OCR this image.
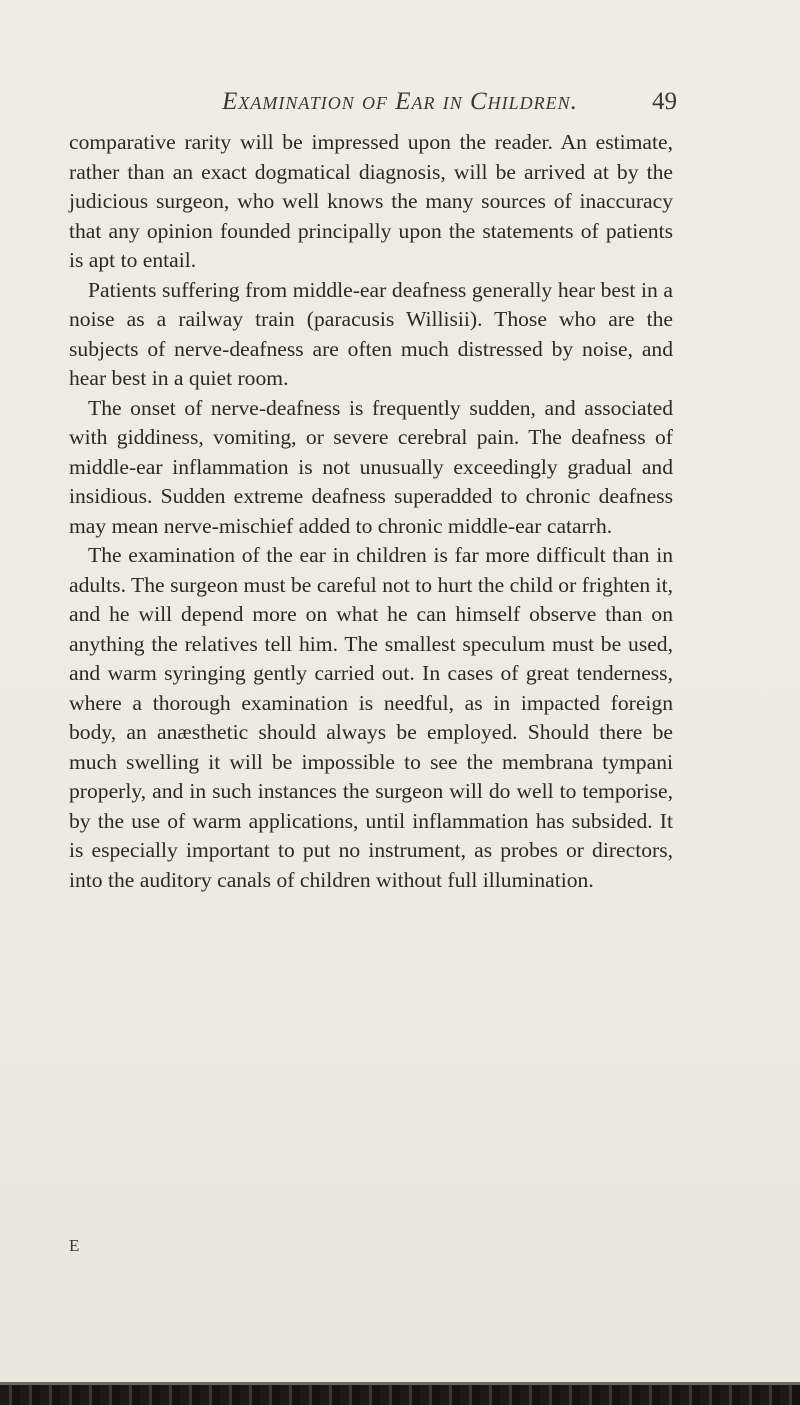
Examination of Ear in Children.	49

comparative rarity will be impressed upon the reader. An estimate, rather than an exact dogmatical diagnosis, will be arrived at by the judicious surgeon, who well knows the many sources of inaccuracy that any opinion founded principally upon the statements of patients is apt to entail.

Patients suffering from middle-ear deafness generally hear best in a noise as a railway train (paracusis Willisii). Those who are the subjects of nerve-deafness are often much distressed by noise, and hear best in a quiet room.

The onset of nerve-deafness is frequently sudden, and associated with giddiness, vomiting, or severe cerebral pain. The deafness of middle-ear inflammation is not unusually exceedingly gradual and insidious. Sudden extreme deafness superadded to chronic deafness may mean nerve-mischief added to chronic middle-ear catarrh.

The examination of the ear in children is far more difficult than in adults. The surgeon must be careful not to hurt the child or frighten it, and he will depend more on what he can himself observe than on anything the relatives tell him. The smallest speculum must be used, and warm syringing gently carried out. In cases of great tenderness, where a thorough examination is needful, as in impacted foreign body, an anæsthetic should always be employed. Should there be much swelling it will be impossible to see the membrana tympani properly, and in such instances the surgeon will do well to temporise, by the use of warm applications, until inflammation has subsided. It is especially important to put no instrument, as probes or directors, into the auditory canals of children without full illumination.

E
